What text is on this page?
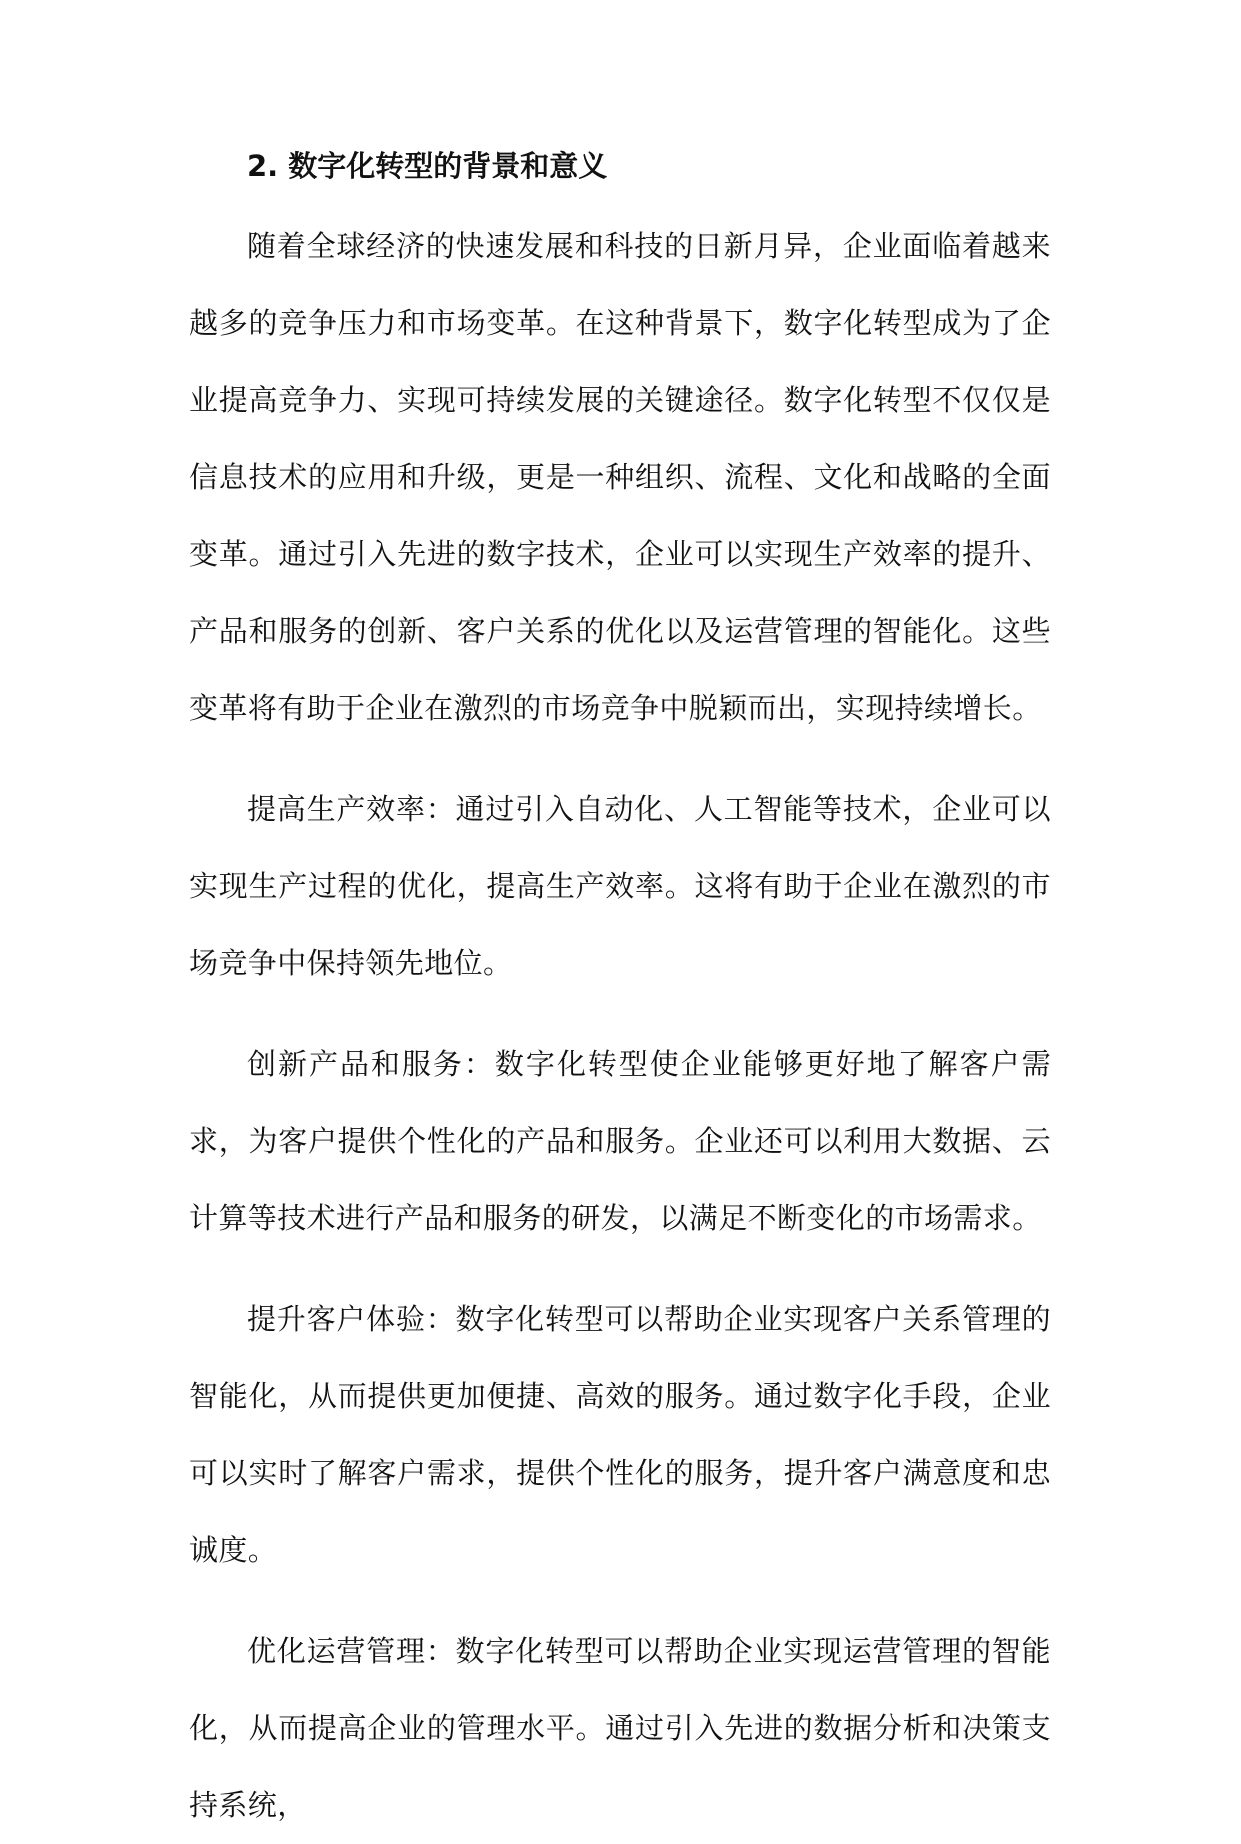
2. 数字化转型的背景和意义

随着全球经济的快速发展和科技的日新月异，企业面临着越来越多的竞争压力和市场变革。在这种背景下，数字化转型成为了企业提高竞争力、实现可持续发展的关键途径。数字化转型不仅仅是信息技术的应用和升级，更是一种组织、流程、文化和战略的全面变革。通过引入先进的数字技术，企业可以实现生产效率的提升、产品和服务的创新、客户关系的优化以及运营管理的智能化。这些变革将有助于企业在激烈的市场竞争中脱颖而出，实现持续增长。

提高生产效率：通过引入自动化、人工智能等技术，企业可以实现生产过程的优化，提高生产效率。这将有助于企业在激烈的市场竞争中保持领先地位。

创新产品和服务：数字化转型使企业能够更好地了解客户需求，为客户提供个性化的产品和服务。企业还可以利用大数据、云计算等技术进行产品和服务的研发，以满足不断变化的市场需求。

提升客户体验：数字化转型可以帮助企业实现客户关系管理的智能化，从而提供更加便捷、高效的服务。通过数字化手段，企业可以实时了解客户需求，提供个性化的服务，提升客户满意度和忠诚度。

优化运营管理：数字化转型可以帮助企业实现运营管理的智能化，从而提高企业的管理水平。通过引入先进的数据分析和决策支持系统，
